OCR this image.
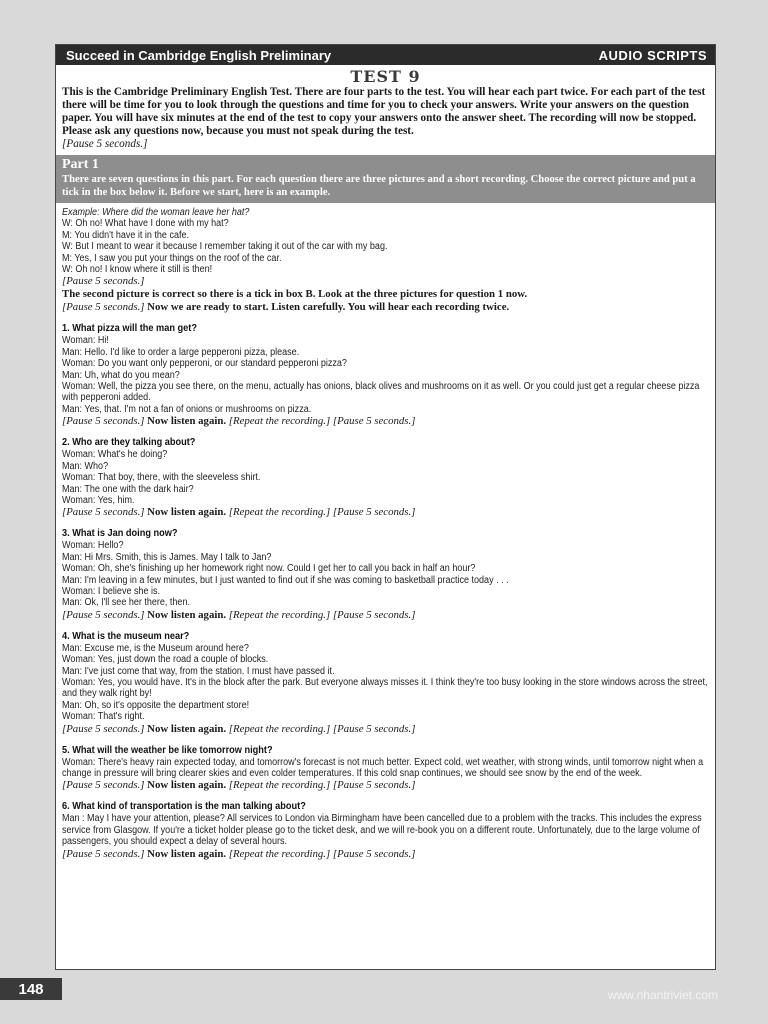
Succeed in Cambridge English Preliminary	AUDIO SCRIPTS
TEST 9
This is the Cambridge Preliminary English Test. There are four parts to the test. You will hear each part twice. For each part of the test there will be time for you to look through the questions and time for you to check your answers. Write your answers on the question paper. You will have six minutes at the end of the test to copy your answers onto the answer sheet. The recording will now be stopped. Please ask any questions now, because you must not speak during the test.
[Pause 5 seconds.]
Part 1
There are seven questions in this part. For each question there are three pictures and a short recording. Choose the correct picture and put a tick in the box below it. Before we start, here is an example.
Example: Where did the woman leave her hat?
W: Oh no! What have I done with my hat?
M: You didn't have it in the cafe.
W: But I meant to wear it because I remember taking it out of the car with my bag.
M: Yes, I saw you put your things on the roof of the car.
W: Oh no! I know where it still is then!
[Pause 5 seconds.]
The second picture is correct so there is a tick in box B. Look at the three pictures for question 1 now.
[Pause 5 seconds.] Now we are ready to start. Listen carefully. You will hear each recording twice.
1. What pizza will the man get?
Woman: Hi!
Man: Hello. I'd like to order a large pepperoni pizza, please.
Woman: Do you want only pepperoni, or our standard pepperoni pizza?
Man: Uh, what do you mean?
Woman: Well, the pizza you see there, on the menu, actually has onions, black olives and mushrooms on it as well. Or you could just get a regular cheese pizza with pepperoni added.
Man: Yes, that. I'm not a fan of onions or mushrooms on pizza.
[Pause 5 seconds.] Now listen again. [Repeat the recording.] [Pause 5 seconds.]
2. Who are they talking about?
Woman: What's he doing?
Man: Who?
Woman: That boy, there, with the sleeveless shirt.
Man: The one with the dark hair?
Woman: Yes, him.
[Pause 5 seconds.] Now listen again. [Repeat the recording.] [Pause 5 seconds.]
3. What is Jan doing now?
Woman: Hello?
Man: Hi Mrs. Smith, this is James. May I talk to Jan?
Woman: Oh, she's finishing up her homework right now. Could I get her to call you back in half an hour?
Man: I'm leaving in a few minutes, but I just wanted to find out if she was coming to basketball practice today . . .
Woman: I believe she is.
Man: Ok, I'll see her there, then.
[Pause 5 seconds.] Now listen again. [Repeat the recording.] [Pause 5 seconds.]
4. What is the museum near?
Man: Excuse me, is the Museum around here?
Woman: Yes, just down the road a couple of blocks.
Man: I've just come that way, from the station. I must have passed it.
Woman: Yes, you would have. It's in the block after the park. But everyone always misses it. I think they're too busy looking in the store windows across the street, and they walk right by!
Man: Oh, so it's opposite the department store!
Woman: That's right.
[Pause 5 seconds.] Now listen again. [Repeat the recording.] [Pause 5 seconds.]
5. What will the weather be like tomorrow night?
Woman: There's heavy rain expected today, and tomorrow's forecast is not much better. Expect cold, wet weather, with strong winds, until tomorrow night when a change in pressure will bring clearer skies and even colder temperatures. If this cold snap continues, we should see snow by the end of the week.
[Pause 5 seconds.] Now listen again. [Repeat the recording.] [Pause 5 seconds.]
6. What kind of transportation is the man talking about?
Man : May I have your attention, please? All services to London via Birmingham have been cancelled due to a problem with the tracks. This includes the express service from Glasgow. If you're a ticket holder please go to the ticket desk, and we will re-book you on a different route. Unfortunately, due to the large volume of passengers, you should expect a delay of several hours.
[Pause 5 seconds.] Now listen again. [Repeat the recording.] [Pause 5 seconds.]
148	www.nhantriviet.com
